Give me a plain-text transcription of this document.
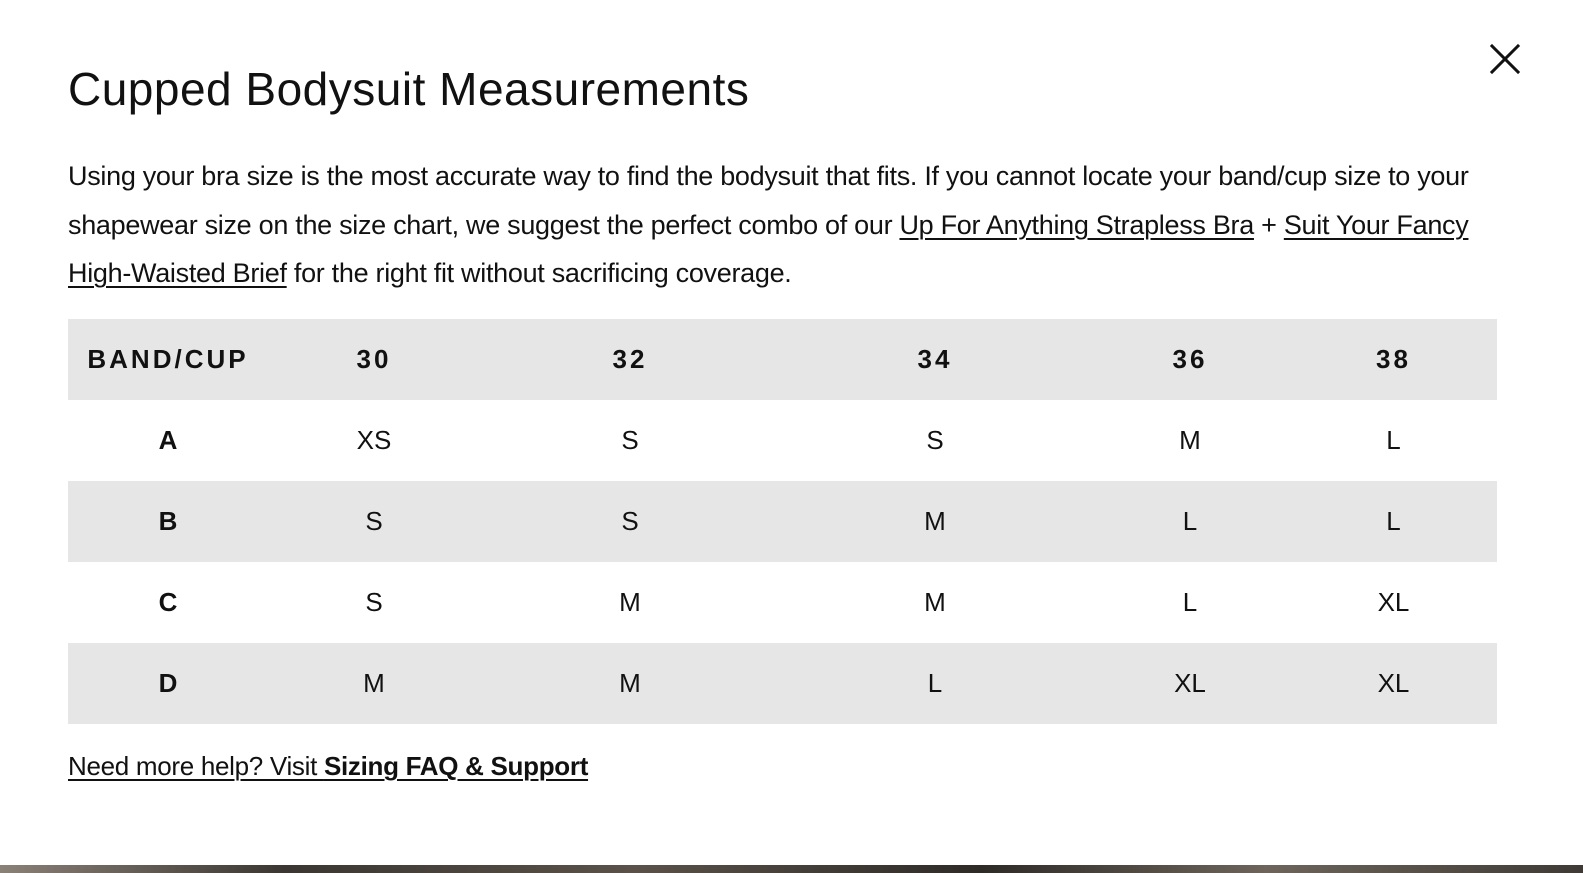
Cupped Bodysuit Measurements

Using your bra size is the most accurate way to find the bodysuit that fits. If you cannot locate your band/cup size to your shapewear size on the size chart, we suggest the perfect combo of our Up For Anything Strapless Bra + Suit Your Fancy High-Waisted Brief for the right fit without sacrificing coverage.

BAND/CUP	30	32	34	36	38
A	XS	S	S	M	L
B	S	S	M	L	L
C	S	M	M	L	XL
D	M	M	L	XL	XL
Need more help? Visit Sizing FAQ & Support
